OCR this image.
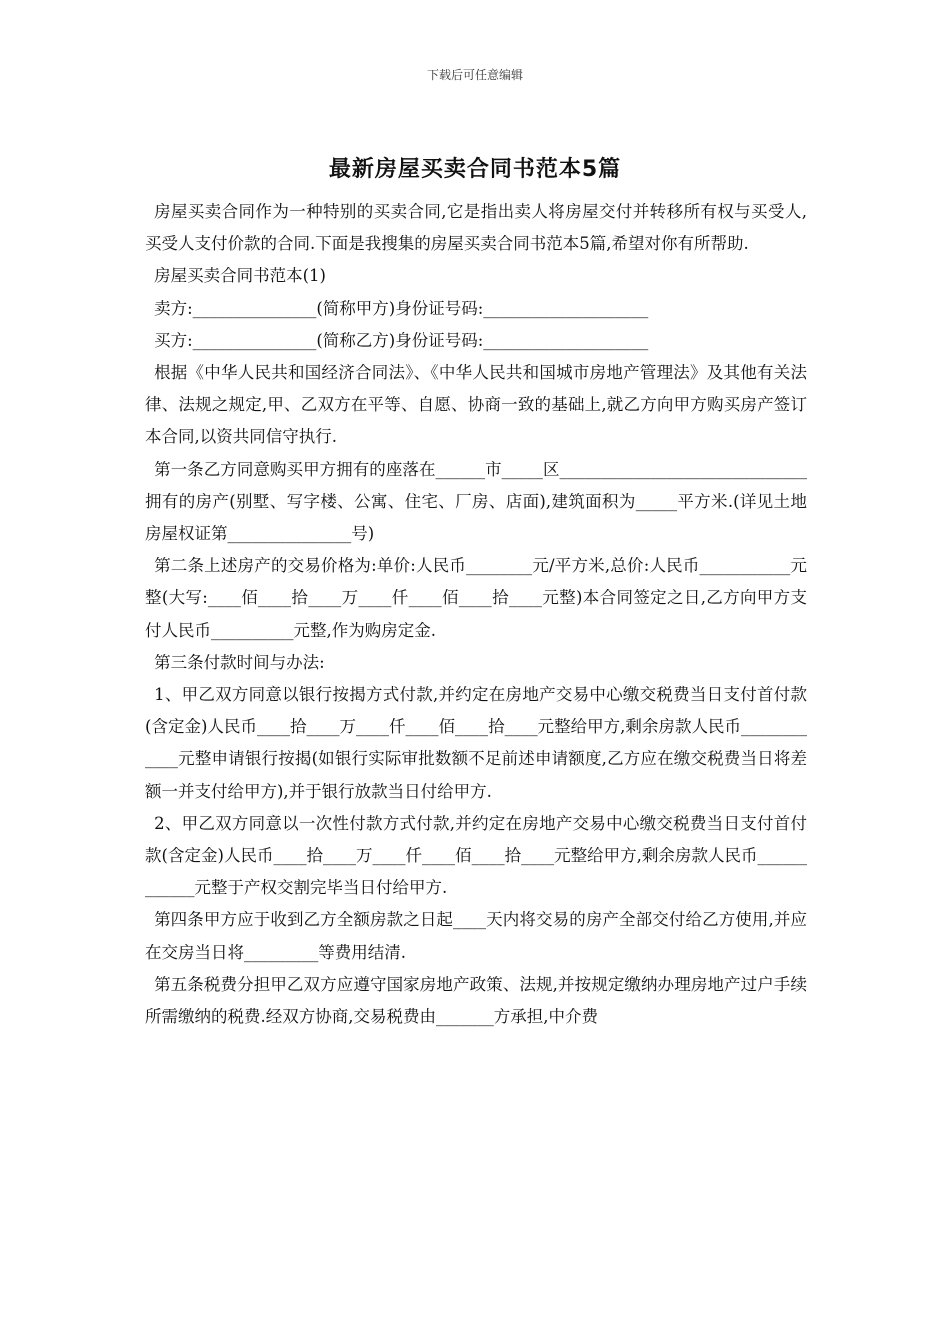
下载后可任意编辑
最新房屋买卖合同书范本5篇

房屋买卖合同作为一种特别的买卖合同,它是指出卖人将房屋交付并转移所有权与买受人,买受人支付价款的合同.下面是我搜集的房屋买卖合同书范本5篇,希望对你有所帮助.

房屋买卖合同书范本(1)

卖方:_______________(简称甲方)身份证号码:____________________

买方:_______________(简称乙方)身份证号码:____________________

根据《中华人民共和国经济合同法》、《中华人民共和国城市房地产管理法》及其他有关法律、法规之规定,甲、乙双方在平等、自愿、协商一致的基础上,就乙方向甲方购买房产签订本合同,以资共同信守执行.

第一条乙方同意购买甲方拥有的座落在______市_____区______________________________拥有的房产(别墅、写字楼、公寓、住宅、厂房、店面),建筑面积为_____平方米.(详见土地房屋权证第_______________号)

第二条上述房产的交易价格为:单价:人民币________元/平方米,总价:人民币___________元整(大写:____佰____拾____万____仟____佰____拾____元整)本合同签定之日,乙方向甲方支付人民币__________元整,作为购房定金.

第三条付款时间与办法:

1、甲乙双方同意以银行按揭方式付款,并约定在房地产交易中心缴交税费当日支付首付款(含定金)人民币____拾____万____仟____佰____拾____元整给甲方,剩余房款人民币____________元整申请银行按揭(如银行实际审批数额不足前述申请额度,乙方应在缴交税费当日将差额一并支付给甲方),并于银行放款当日付给甲方.

2、甲乙双方同意以一次性付款方式付款,并约定在房地产交易中心缴交税费当日支付首付款(含定金)人民币____拾____万____仟____佰____拾____元整给甲方,剩余房款人民币____________元整于产权交割完毕当日付给甲方.

第四条甲方应于收到乙方全额房款之日起____天内将交易的房产全部交付给乙方使用,并应在交房当日将_________等费用结清.

第五条税费分担甲乙双方应遵守国家房地产政策、法规,并按规定缴纳办理房地产过户手续所需缴纳的税费.经双方协商,交易税费由_______方承担,中介费
